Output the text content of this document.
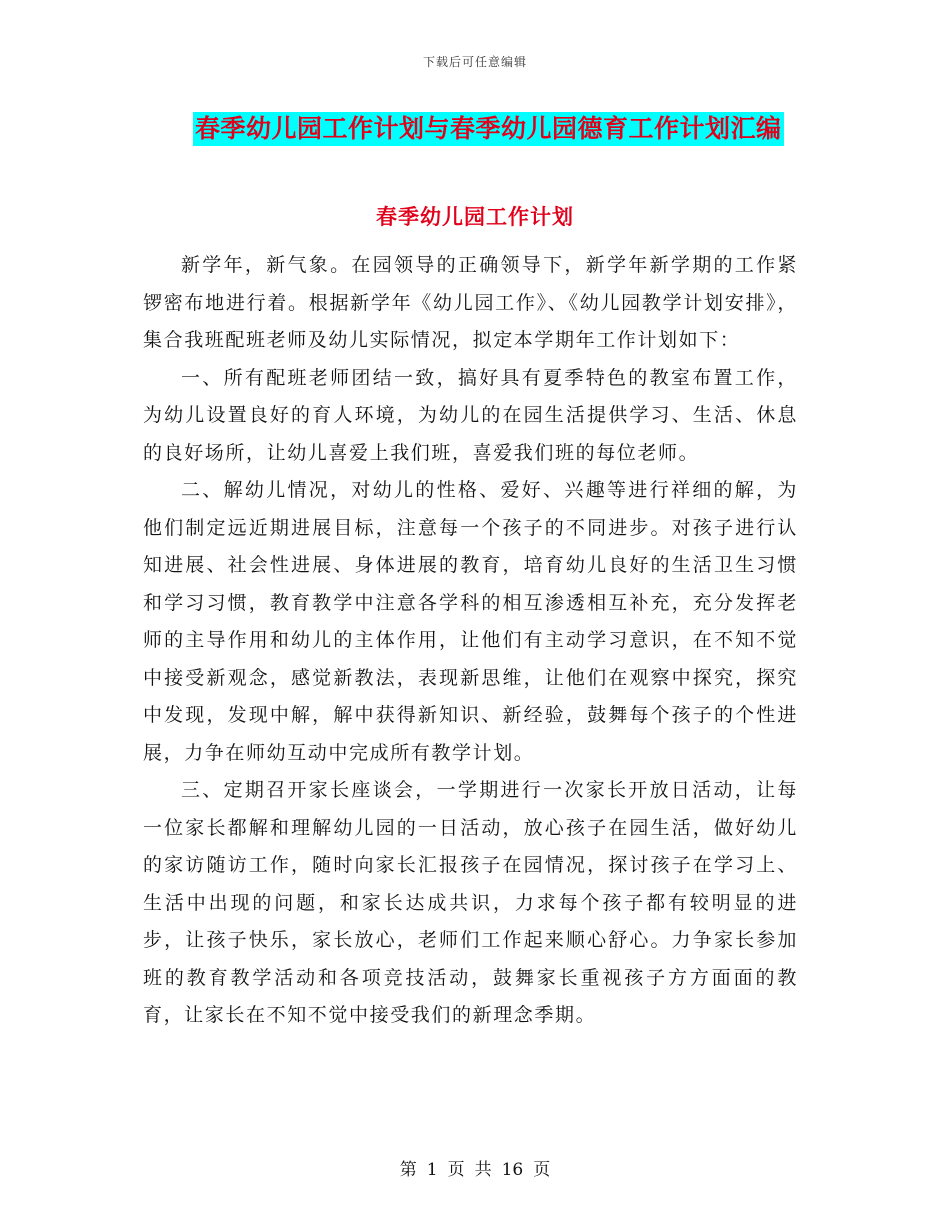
下载后可任意编辑
春季幼儿园工作计划与春季幼儿园德育工作计划汇编
春季幼儿园工作计划

新学年，新气象。在园领导的正确领导下，新学年新学期的工作紧锣密布地进行着。根据新学年《幼儿园工作》、《幼儿园教学计划安排》，集合我班配班老师及幼儿实际情况，拟定本学期年工作计划如下：

一、所有配班老师团结一致，搞好具有夏季特色的教室布置工作，为幼儿设置良好的育人环境，为幼儿的在园生活提供学习、生活、休息的良好场所，让幼儿喜爱上我们班，喜爱我们班的每位老师。

二、解幼儿情况，对幼儿的性格、爱好、兴趣等进行祥细的解，为他们制定远近期进展目标，注意每一个孩子的不同进步。对孩子进行认知进展、社会性进展、身体进展的教育，培育幼儿良好的生活卫生习惯和学习习惯，教育教学中注意各学科的相互渗透相互补充，充分发挥老师的主导作用和幼儿的主体作用，让他们有主动学习意识，在不知不觉中接受新观念，感觉新教法，表现新思维，让他们在观察中探究，探究中发现，发现中解，解中获得新知识、新经验，鼓舞每个孩子的个性进展，力争在师幼互动中完成所有教学计划。

三、定期召开家长座谈会，一学期进行一次家长开放日活动，让每一位家长都解和理解幼儿园的一日活动，放心孩子在园生活，做好幼儿的家访随访工作，随时向家长汇报孩子在园情况，探讨孩子在学习上、生活中出现的问题，和家长达成共识，力求每个孩子都有较明显的进步，让孩子快乐，家长放心，老师们工作起来顺心舒心。力争家长参加班的教育教学活动和各项竞技活动，鼓舞家长重视孩子方方面面的教育，让家长在不知不觉中接受我们的新理念季期。

第 1 页 共 16 页
